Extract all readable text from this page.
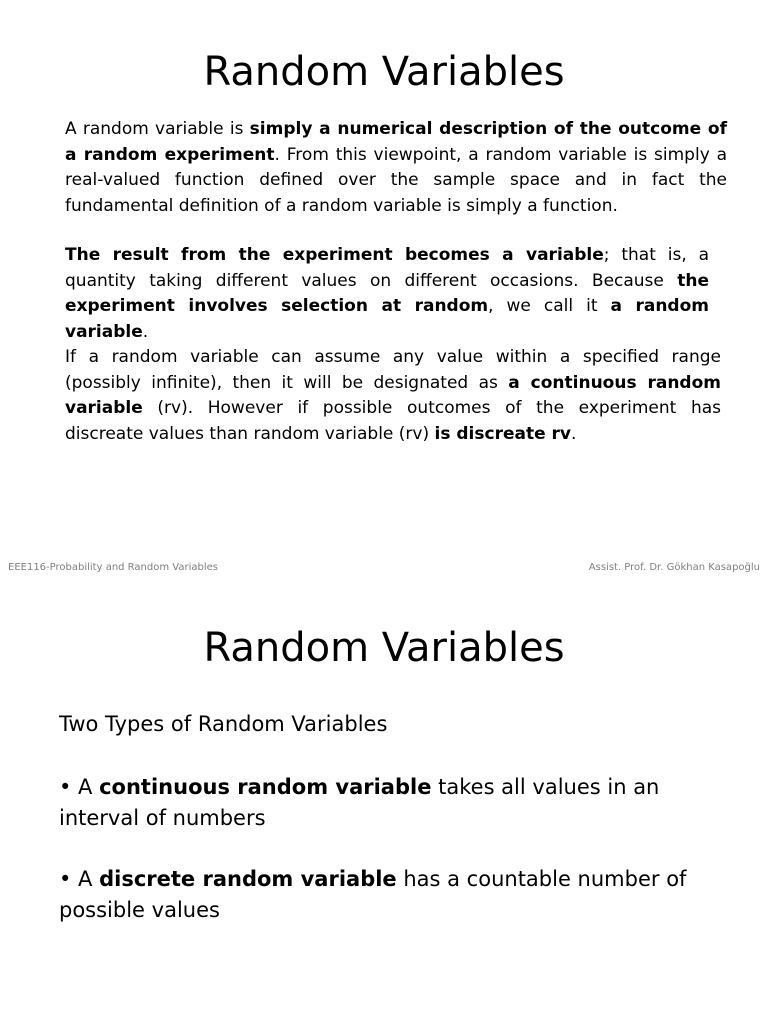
Random Variables

A random variable is simply a numerical description of the outcome of a random experiment. From this viewpoint, a random variable is simply a real-valued function defined over the sample space and in fact the fundamental definition of a random variable is simply a function.

The result from the experiment becomes a variable; that is, a quantity taking different values on different occasions. Because the experiment involves selection at random, we call it a random variable.

If a random variable can assume any value within a specified range (possibly infinite), then it will be designated as a continuous random variable (rv). However if possible outcomes of the experiment has discreate values than random variable (rv) is discreate rv.

EEE116-Probability and Random Variables	Assist. Prof. Dr. Gökhan Kasapoğlu
Random Variables

Two Types of Random Variables

• A continuous random variable takes all values in an interval of numbers

• A discrete random variable has a countable number of possible values
